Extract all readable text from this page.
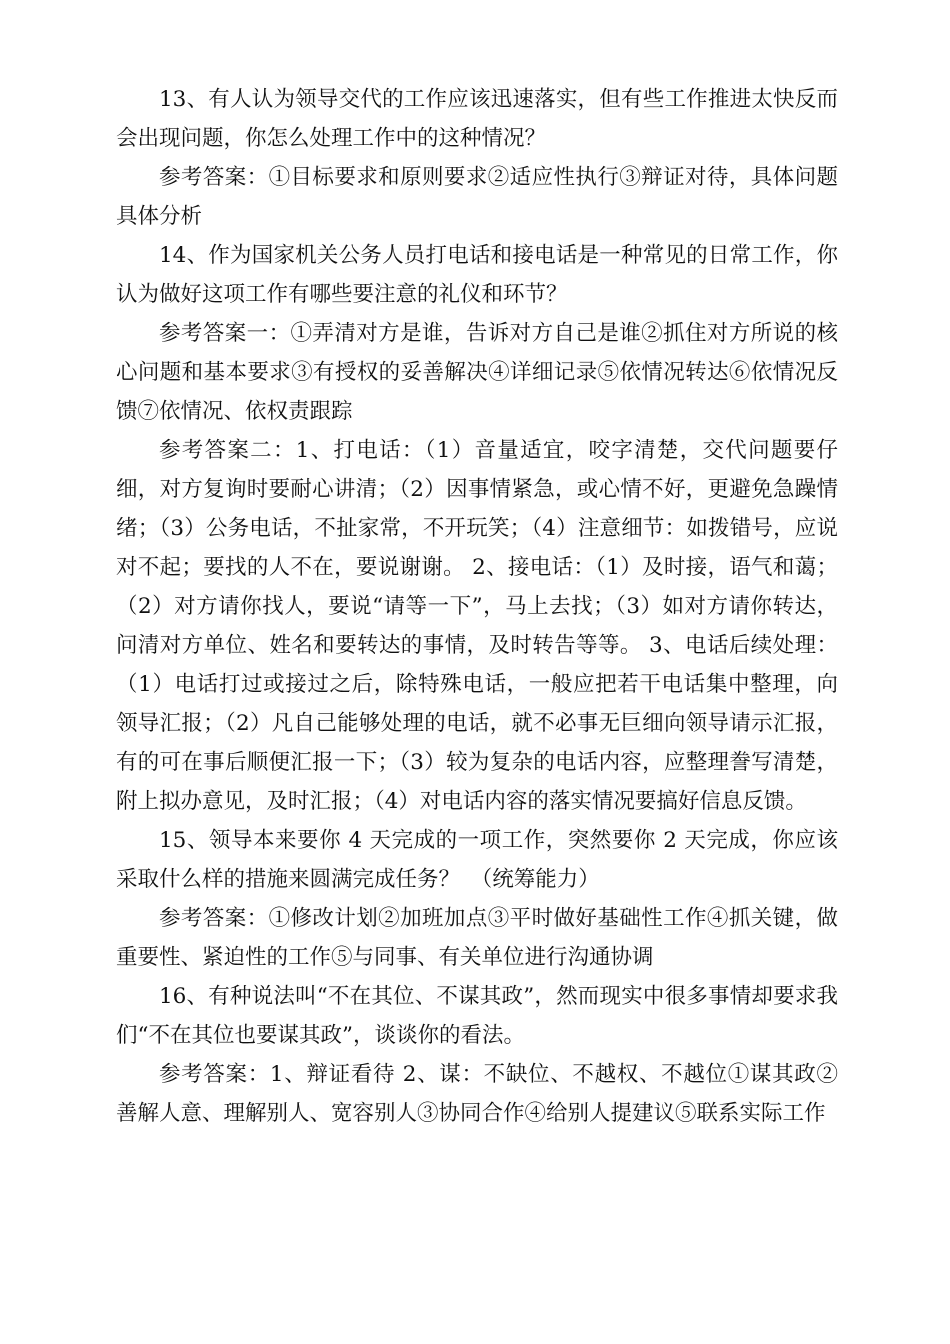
13、有人认为领导交代的工作应该迅速落实，但有些工作推进太快反而会出现问题，你怎么处理工作中的这种情况？

参考答案：①目标要求和原则要求②适应性执行③辩证对待，具体问题具体分析

14、作为国家机关公务人员打电话和接电话是一种常见的日常工作，你认为做好这项工作有哪些要注意的礼仪和环节？

参考答案一：①弄清对方是谁，告诉对方自己是谁②抓住对方所说的核心问题和基本要求③有授权的妥善解决④详细记录⑤依情况转达⑥依情况反馈⑦依情况、依权责跟踪

参考答案二：1、打电话：（1）音量适宜，咬字清楚，交代问题要仔细，对方复询时要耐心讲清；（2）因事情紧急，或心情不好，更避免急躁情绪；（3）公务电话，不扯家常，不开玩笑；（4）注意细节：如拨错号，应说对不起；要找的人不在，要说谢谢。 2、接电话：（1）及时接，语气和蔼；（2）对方请你找人，要说“请等一下”，马上去找；（3）如对方请你转达，问清对方单位、姓名和要转达的事情，及时转告等等。 3、电话后续处理：（1）电话打过或接过之后，除特殊电话，一般应把若干电话集中整理，向领导汇报；（2）凡自己能够处理的电话，就不必事无巨细向领导请示汇报，有的可在事后顺便汇报一下；（3）较为复杂的电话内容，应整理誊写清楚，附上拟办意见，及时汇报；（4）对电话内容的落实情况要搞好信息反馈。

15、领导本来要你 4 天完成的一项工作，突然要你 2 天完成，你应该采取什么样的措施来圆满完成任务？　（统筹能力）

参考答案：①修改计划②加班加点③平时做好基础性工作④抓关键，做重要性、紧迫性的工作⑤与同事、有关单位进行沟通协调

16、有种说法叫“不在其位、不谋其政”，然而现实中很多事情却要求我们“不在其位也要谋其政”，谈谈你的看法。

参考答案：1、辩证看待 2、谋：不缺位、不越权、不越位①谋其政②善解人意、理解别人、宽容别人③协同合作④给别人提建议⑤联系实际工作
